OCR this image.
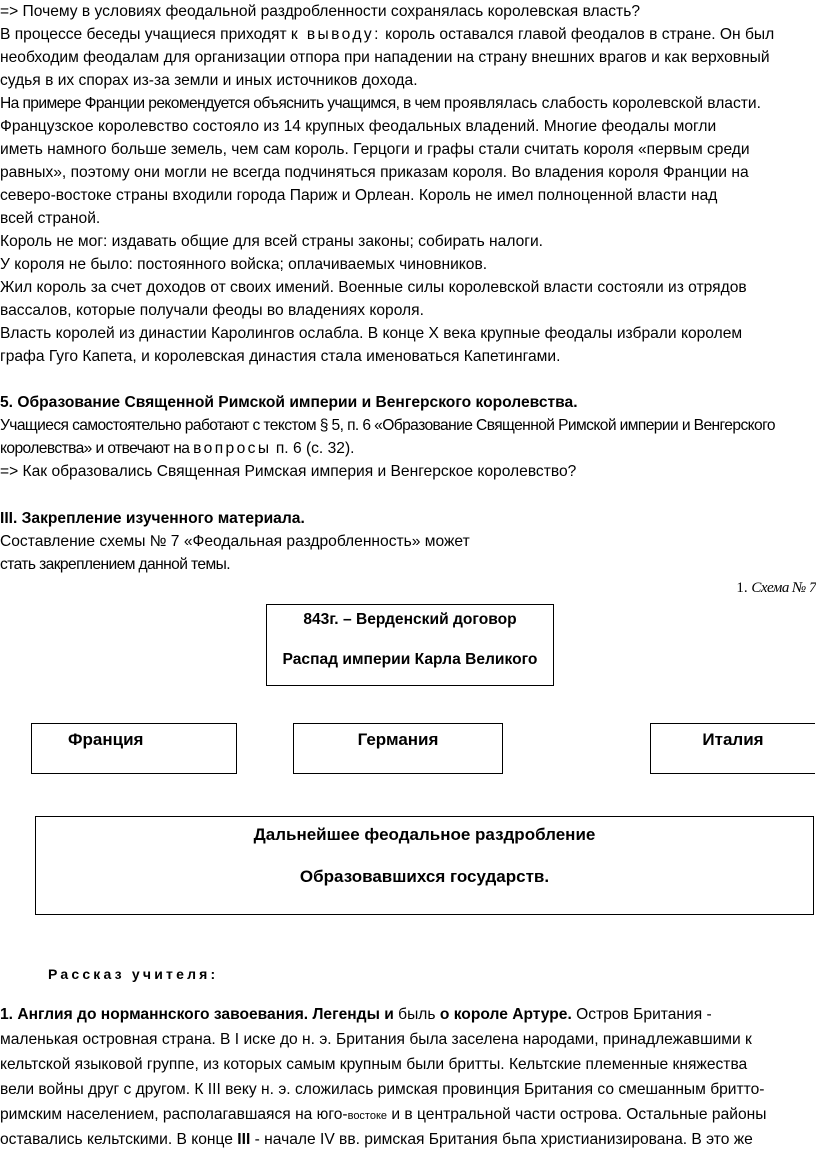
=> Почему в условиях феодальной раздробленности сохранялась королевская власть?
В процессе беседы учащиеся приходят к выводу: король оставался главой феодалов в стране. Он был
необходим феодалам для организации отпора при нападении на страну внешних врагов и как верховный
судья в их спорах из-за земли и иных источников дохода.
На примере Франции рекомендуется объяснить учащимся, в чем проявлялась слабость королевской власти.
Французское королевство состояло из 14 крупных феодальных владений. Многие феодалы могли
иметь намного больше земель, чем сам король. Герцоги и графы стали считать короля «первым среди
равных», поэтому они могли не всегда подчиняться приказам короля. Во владения короля Франции на
северо-востоке страны входили города Париж и Орлеан. Король не имел полноценной власти над
всей страной.
Король не мог: издавать общие для всей страны законы; собирать налоги.
У короля не было: постоянного войска; оплачиваемых чиновников.
Жил король за счет доходов от своих имений. Военные силы королевской власти состояли из отрядов
вассалов, которые получали феоды во владениях короля.
Власть королей из династии Каролингов ослабла. В конце X века крупные феодалы избрали королем
графа Гуго Капета, и королевская династия стала именоваться Капетингами.
5. Образование Священной Римской империи и Венгерского королевства.
Учащиеся самостоятельно работают с текстом § 5, п. 6 «Образование Священной Римской империи и Венгерского
королевства» и отвечают на вопросы п. 6 (с. 32).
=> Как образовались Священная Римская империя и Венгерское королевство?
III. Закрепление изученного материала.
Составление схемы № 7 «Феодальная раздробленность» может
стать закреплением данной темы.
1. Схема № 7
843г. – Верденский договор
Распад империи Карла Великого
Франция	Германия	Италия
Дальнейшее феодальное раздробление
Образовавшихся государств.
Рассказ учителя:
1. Англия до норманнского завоевания. Легенды и быль о короле Артуре. Остров Британия -
маленькая островная страна. В I иске до н. э. Британия была заселена народами, принадлежавшими к
кельтской языковой группе, из которых самым крупным были бритты. Кельтские племенные княжества
вели войны друг с другом. К III веку н. э. сложилась римская провинция Британия со смешанным бритто-
римским населением, располагавшаяся на юго-востоке и в центральной части острова. Остальные районы
оставались кельтскими. В конце III - начале IV вв. римская Британия бьпа христианизирована. В это же
